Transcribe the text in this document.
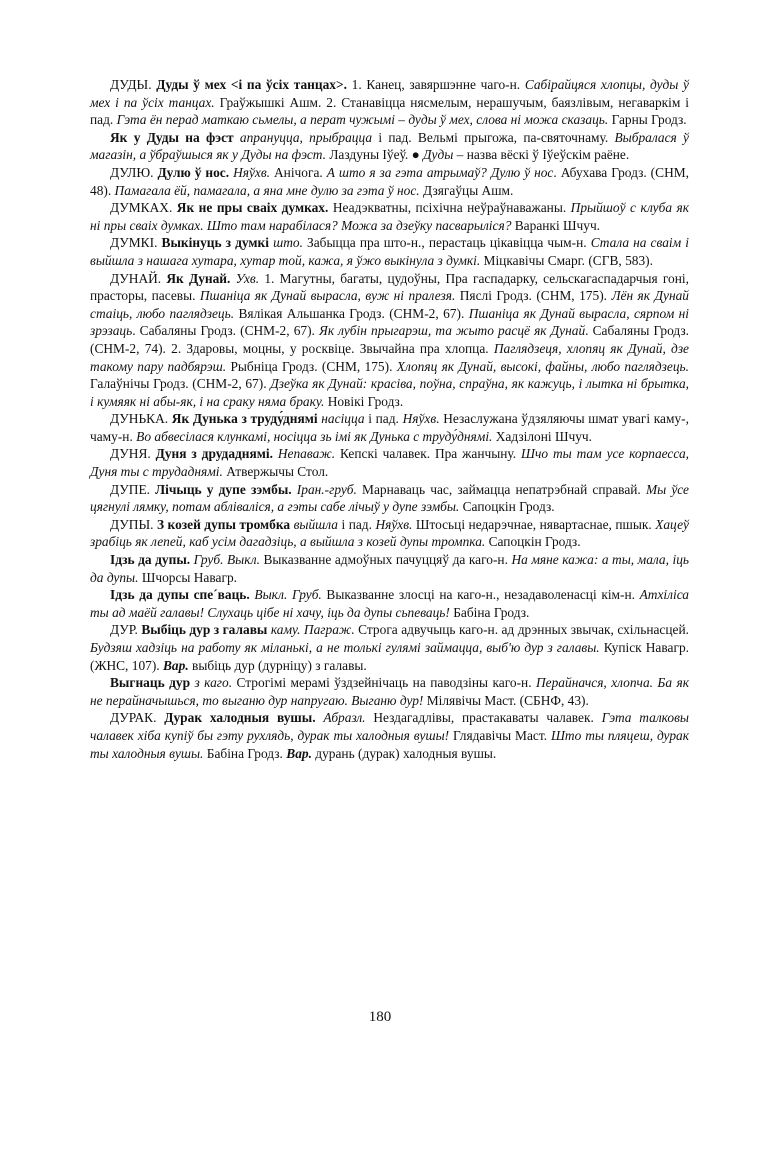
ДУДЫ. Дуды ў мех <і па ўсіх танцах>. 1. Канец, завяршэнне чаго-н. Сабірайцяся хлопцы, дуды ў мех і па ўсіх танцах. Граўжышкі Ашм. 2. Станавіцца нясмелым, нерашучым, баязлівым, негаваркім і пад. Гэта ён перад маткаю сьмелы, а перат чужымі – дуды ў мех, слова ні можа сказаць. Гарны Гродз.

Як у Дуды на фэст апрануцца, прыбрацца і пад. Вельмі прыгожа, па-святочнаму. Выбралася ў магазін, а ўбраўшыся як у Дуды на фэст. Лаздуны Іўеў. ● Дуды – назва вёскі ў Іўеўскім раёне.

ДУЛЮ. Дулю ў нос. Няўхв. Анічога. А што я за гэта атрымаў? Дулю ў нос. Абухава Гродз. (СНМ, 48). Памагала ёй, памагала, а яна мне дулю за гэта ў нос. Дзягаўцы Ашм.

ДУМКАХ. Як не пры сваіх думках. Неадэкватны, псіхічна неўраўнаважаны. Прыйшоў с клуба як ні пры сваіх думках. Што там нарабілася? Можа за дзеўку пасварыліся? Варанкі Шчуч.

ДУМКІ. Выкінуць з думкі што. Забыцца пра што-н., перастаць цікавіцца чым-н. Стала на сваім і выйшла з нашага хутара, хутар той, кажа, я ўжо выкінула з думкі. Міцкавічы Смарг. (СГВ, 583).

ДУНАЙ. Як Дунай. Ухв. 1. Магутны, багаты, цудоўны, Пра гаспадарку, сельскагаспадарчыя гоні, прасторы, пасевы. Пшаніца як Дунай вырасла, вуж ні пралезя. Пяслі Гродз. (СНМ, 175). Лён як Дунай стаіць, любо паглядзець. Вялікая Альшанка Гродз. (СНМ-2, 67). Пшаніца як Дунай вырасла, сярпом ні зрэзаць. Сабаляны Гродз. (СНМ-2, 67). Як лубін прыгарэш, та жыто расцё як Дунай. Сабаляны Гродз. (СНМ-2, 74). 2. Здаровы, моцны, у росквіце. Звычайна пра хлопца. Паглядзеця, хлопяц як Дунай, дзе такому пару падбярэш. Рыбніца Гродз. (СНМ, 175). Хлопяц як Дунай, высокі, файны, любо паглядзець. Галаўнічы Гродз. (СНМ-2, 67). Дзеўка як Дунай: красіва, поўна, спраўна, як кажуць, і лытка ні брытка, і кумяяк ні абы-як, і на сраку няма браку. Новікі Гродз.

ДУНЬКА. Як Дунька з труду́днямі насіцца і пад. Няўхв. Незаслужана ўдзяляючы шмат увагі каму-, чаму-н. Во абвесілася клункамі, носіцца зь імі як Дунька с труду́днямі. Хадзілоні Шчуч.

ДУНЯ. Дуня з друдаднямі. Непаваж. Кепскі чалавек. Пра жанчыну. Шчо ты там усе корпаесса, Дуня ты с трудаднямі. Атвержычы Стол.

ДУПЕ. Лічыць у дупе зэмбы. Іран.-груб. Марнаваць час, займацца непатрэбнай справай. Мы ўсе цягнулі лямку, потам абліваліся, а гэты сабе лічыў у дупе зэмбы. Сапоцкін Гродз.

ДУПЫ. З козей дупы тромбка выйшла і пад. Няўхв. Штосьці недарэчнае, нявартаснае, пшык. Хацеў зрабіць як лепей, каб усім дагадзіць, а выйшла з козей дупы тромпка. Сапоцкін Гродз.

Ідзь да дупы. Груб. Выкл. Выказванне адмоўных пачуццяў да каго-н. На мяне кажа: а ты, мала, іць да дупы. Шчорсы Навагр.

Ідзь да дупы спе´ваць. Выкл. Груб. Выказванне злосці на каго-н., незадаволенасці кім-н. Атхіліса ты ад маёй галавы! Слухаць цібе ні хачу, іць да дупы сьпеваць! Бабіна Гродз.

ДУР. Выбіць дур з галавы каму. Паграж. Строга адвучыць каго-н. ад дрэнных звычак, схільнасцей. Будзяш хадзіць на работу як міланькі, а не толькі гулямі займацца, выб'ю дур з галавы. Купіск Навагр. (ЖНС, 107). Вар. выбіць дур (дурніцу) з галавы.

Выгнаць дур з каго. Строгімі мерамі ўздзейнічаць на паводзіны каго-н. Перайначся, хлопча. Ба як не перайначышься, то выганю дур напругаю. Выганю дур! Мілявічы Маст. (СБНФ, 43).

ДУРАК. Дурак халодныя вушы. Абразл. Нездагадлівы, прастакаваты чалавек. Гэта талковы чалавек хіба купіў бы гэту рухлядь, дурак ты халодныя вушы! Глядавічы Маст. Што ты пляцеш, дурак ты халодныя вушы. Бабіна Гродз. Вар. дурань (дурак) халодныя вушы.

180
